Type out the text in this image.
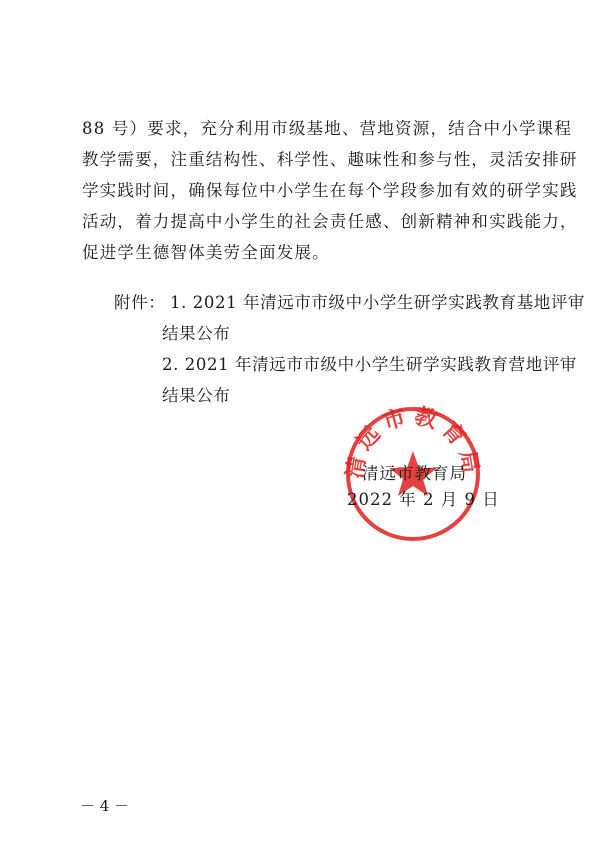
88 号）要求，充分利用市级基地、营地资源，结合中小学课程
教学需要，注重结构性、科学性、趣味性和参与性，灵活安排研
学实践时间，确保每位中小学生在每个学段参加有效的研学实践
活动，着力提高中小学生的社会责任感、创新精神和实践能力，
促进学生德智体美劳全面发展。
附件： 1. 2021 年清远市市级中小学生研学实践教育基地评审
结果公布
2. 2021 年清远市市级中小学生研学实践教育营地评审
结果公布
清远市教育局
清远市教育局
2022 年 2 月 9 日
－ 4 －
